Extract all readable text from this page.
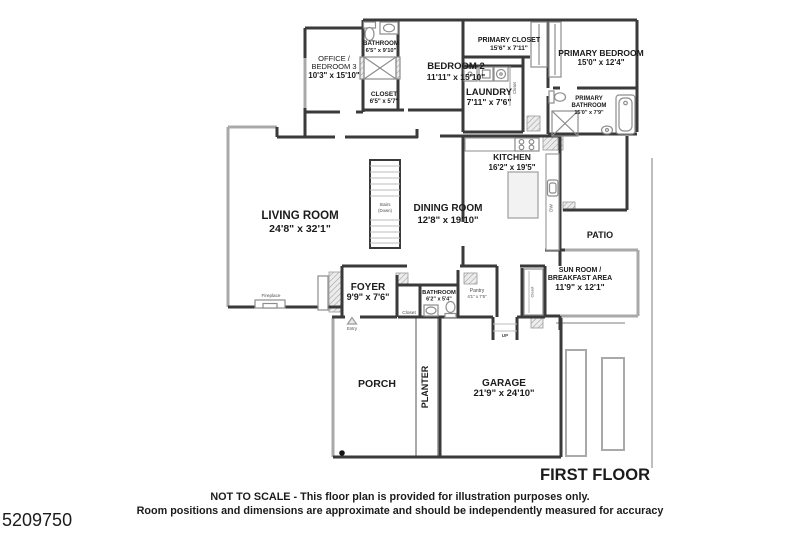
OFFICE /
BEDROOM 3
10'3" x 15'10"
BATHROOM
6'5" x 9'10"
CLOSET
6'5" x 5'7"
BEDROOM 2
11'11" x 15'10"
PRIMARY CLOSET
15'6" x 7'11"	PRIMARY BEDROOM
15'0" x 12'4"
LAUNDRY
7'11" x 7'6"
Closet
PRIMARY
BATHROOM
15'0" x 7'9"
KITCHEN
16'2" x 19'5"
DW
LIVING ROOM
24'8" x 32'1"
Fireplace
DINING ROOM
12'8" x 19'10"
Stairs
(Down)
PATIO
FOYER
9'9" x 7'6"
Closet
Entry
BATHROOM
6'2" x 5'4"
Pantry
4'1" x 7'6"
SUN ROOM /
BREAKFAST AREA
11'9" x 12'1"
Closet
PORCH	PLANTER	GARAGE
21'9" x 24'10"
UP
FIRST FLOOR
NOT TO SCALE - This floor plan is provided for illustration purposes only.
Room positions and dimensions are approximate and should be independently measured for accuracy
5209750
